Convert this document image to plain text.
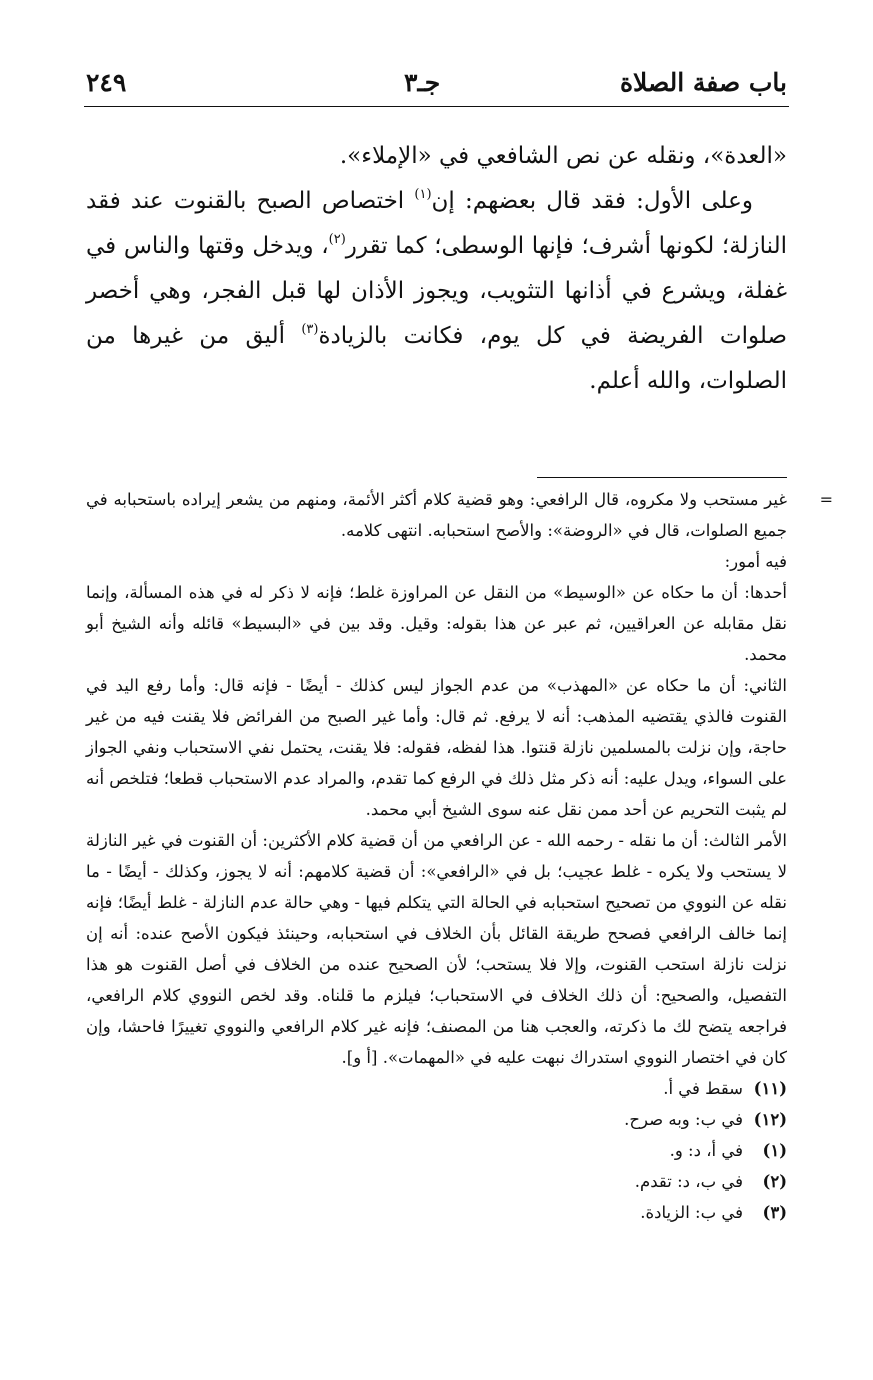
باب صفة الصلاة
جـ٣
٢٤٩

«العدة»، ونقله عن نص الشافعي في «الإملاء».

وعلى الأول: فقد قال بعضهم: إن$^{(١)}$ اختصاص الصبح بالقنوت عند فقد النازلة؛ لكونها أشرف؛ فإنها الوسطى؛ كما تقرر$^{(٢)}$، ويدخل وقتها والناس في غفلة، ويشرع في أذانها التثويب، ويجوز الأذان لها قبل الفجر، وهي أخصر صلوات الفريضة في كل يوم، فكانت بالزيادة$^{(٣)}$ أليق من غيرها من الصلوات، والله أعلم.

=

غير مستحب ولا مكروه، قال الرافعي: وهو قضية كلام أكثر الأئمة، ومنهم من يشعر إيراده باستحبابه في جميع الصلوات، قال في «الروضة»: والأصح استحبابه. انتهى كلامه.

فيه أمور:

أحدها: أن ما حكاه عن «الوسيط» من النقل عن المراوزة غلط؛ فإنه لا ذكر له في هذه المسألة، وإنما نقل مقابله عن العراقيين، ثم عبر عن هذا بقوله: وقيل. وقد بين في «البسيط» قائله وأنه الشيخ أبو محمد.

الثاني: أن ما حكاه عن «المهذب» من عدم الجواز ليس كذلك - أيضًا - فإنه قال: وأما رفع اليد في القنوت فالذي يقتضيه المذهب: أنه لا يرفع. ثم قال: وأما غير الصبح من الفرائض فلا يقنت فيه من غير حاجة، وإن نزلت بالمسلمين نازلة قنتوا. هذا لفظه، فقوله: فلا يقنت، يحتمل نفي الاستحباب ونفي الجواز على السواء، ويدل عليه: أنه ذكر مثل ذلك في الرفع كما تقدم، والمراد عدم الاستحباب قطعا؛ فتلخص أنه لم يثبت التحريم عن أحد ممن نقل عنه سوى الشيخ أبي محمد.

الأمر الثالث: أن ما نقله - رحمه الله - عن الرافعي من أن قضية كلام الأكثرين: أن القنوت في غير النازلة لا يستحب ولا يكره - غلط عجيب؛ بل في «الرافعي»: أن قضية كلامهم: أنه لا يجوز، وكذلك - أيضًا - ما نقله عن النووي من تصحيح استحبابه في الحالة التي يتكلم فيها - وهي حالة عدم النازلة - غلط أيضًا؛ فإنه إنما خالف الرافعي فصحح طريقة القائل بأن الخلاف في استحبابه، وحينئذ فيكون الأصح عنده: أنه إن نزلت نازلة استحب القنوت، وإلا فلا يستحب؛ لأن الصحيح عنده من الخلاف في أصل القنوت هو هذا التفصيل، والصحيح: أن ذلك الخلاف في الاستحباب؛ فيلزم ما قلناه. وقد لخص النووي كلام الرافعي، فراجعه يتضح لك ما ذكرته، والعجب هنا من المصنف؛ فإنه غير كلام الرافعي والنووي تغييرًا فاحشا، وإن كان في اختصار النووي استدراك نبهت عليه في «المهمات». [أ و].

(١١)سقط في أ.
(١٢)في ب: وبه صرح.
(١)في أ، د: و.
(٢)في ب، د: تقدم.
(٣)في ب: الزيادة.
